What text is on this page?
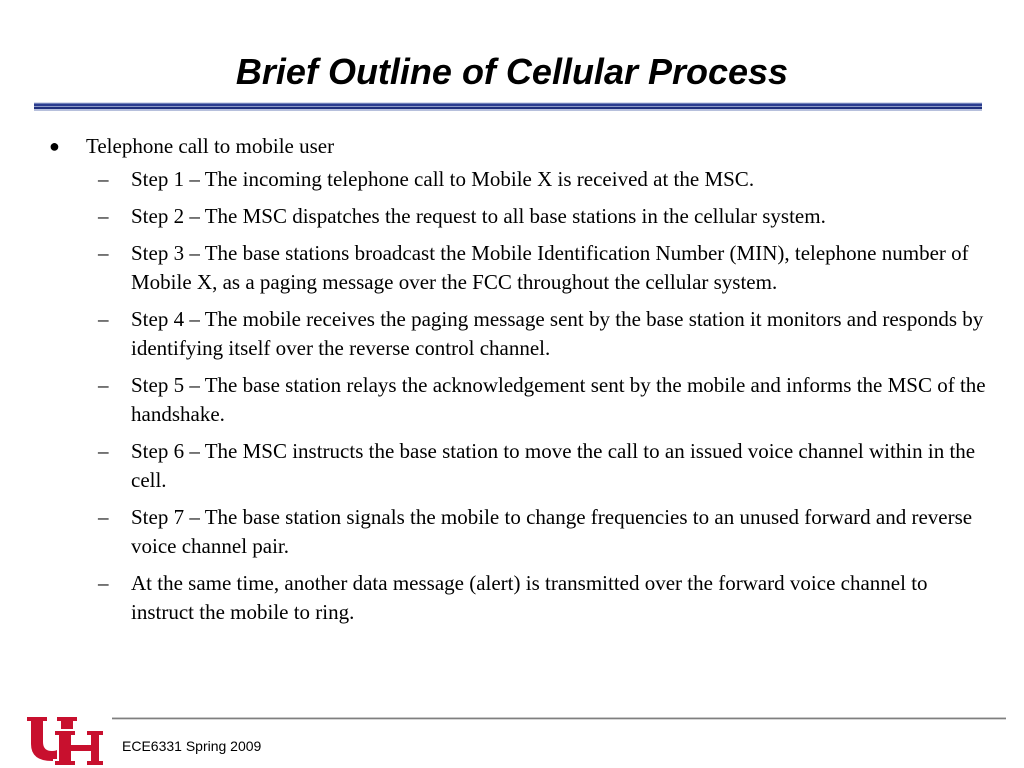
Brief Outline of Cellular Process
● Telephone call to mobile user
– Step 1 – The incoming telephone call to Mobile X is received at the MSC.
– Step 2 – The MSC dispatches the request to all base stations in the cellular system.
– Step 3 – The base stations broadcast the Mobile Identification Number (MIN), telephone number of Mobile X, as a paging message over the FCC throughout the cellular system.
– Step 4 – The mobile receives the paging message sent by the base station it monitors and responds by identifying itself over the reverse control channel.
– Step 5 – The base station relays the acknowledgement sent by the mobile and informs the MSC of the handshake.
– Step 6 – The MSC instructs the base station to move the call to an issued voice channel within in the cell.
– Step 7 – The base station signals the mobile to change frequencies to an unused forward and reverse voice channel pair.
– At the same time, another data message (alert) is transmitted over the forward voice channel to instruct the mobile to ring.
ECE6331 Spring 2009
